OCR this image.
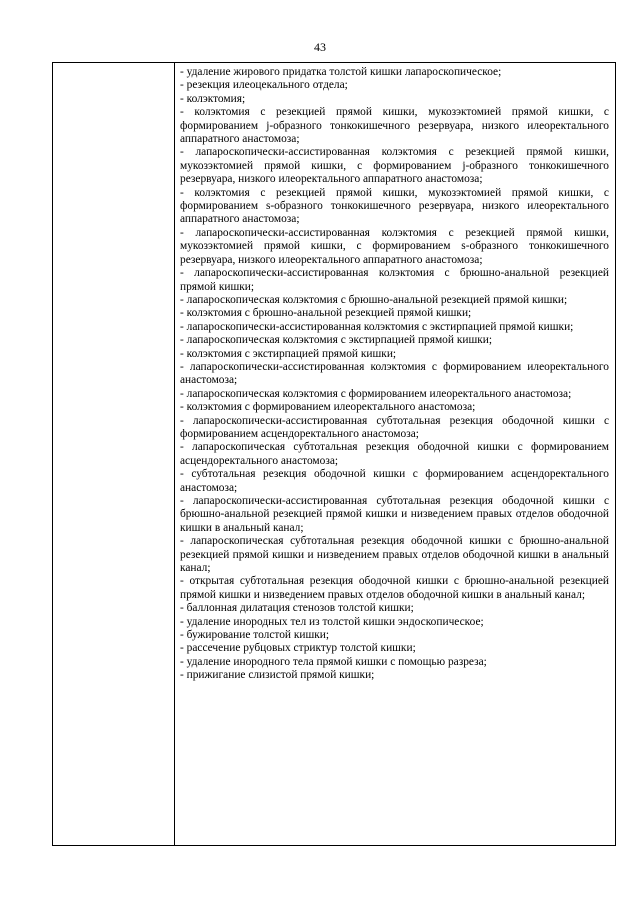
43

- удаление жирового придатка толстой кишки лапароскопическое;

- резекция илеоцекального отдела;

- колэктомия;

- колэктомия с резекцией прямой кишки, мукозэктомией прямой кишки, с формированием j-образного тонкокишечного резервуара, низкого илеоректального аппаратного анастомоза;

- лапароскопически-ассистированная колэктомия с резекцией прямой кишки, мукозэктомией прямой кишки, с формированием j-образного тонкокишечного резервуара, низкого илеоректального аппаратного анастомоза;

- колэктомия с резекцией прямой кишки, мукозэктомией прямой кишки, с формированием s-образного тонкокишечного резервуара, низкого илеоректального аппаратного анастомоза;

- лапароскопически-ассистированная колэктомия с резекцией прямой кишки, мукозэктомией прямой кишки, с формированием s-образного тонкокишечного резервуара, низкого илеоректального аппаратного анастомоза;

- лапароскопически-ассистированная колэктомия с брюшно-анальной резекцией прямой кишки;

- лапароскопическая колэктомия с брюшно-анальной резекцией прямой кишки;

- колэктомия с брюшно-анальной резекцией прямой кишки;

- лапароскопически-ассистированная колэктомия с экстирпацией прямой кишки;

- лапароскопическая колэктомия с экстирпацией прямой кишки;

- колэктомия с экстирпацией прямой кишки;

- лапароскопически-ассистированная колэктомия с формированием илеоректального анастомоза;

- лапароскопическая колэктомия с формированием илеоректального анастомоза;

- колэктомия с формированием илеоректального анастомоза;

- лапароскопически-ассистированная субтотальная резекция ободочной кишки с формированием асцендоректального анастомоза;

- лапароскопическая субтотальная резекция ободочной кишки с формированием асцендоректального анастомоза;

- субтотальная резекция ободочной кишки с формированием асцендоректального анастомоза;

- лапароскопически-ассистированная субтотальная резекция ободочной кишки с брюшно-анальной резекцией прямой кишки и низведением правых отделов ободочной кишки в анальный канал;

- лапароскопическая субтотальная резекция ободочной кишки с брюшно-анальной резекцией прямой кишки и низведением правых отделов ободочной кишки в анальный канал;

- открытая субтотальная резекция ободочной кишки с брюшно-анальной резекцией прямой кишки и низведением правых отделов ободочной кишки в анальный канал;

- баллонная дилатация стенозов толстой кишки;

- удаление инородных тел из толстой кишки эндоскопическое;

- бужирование толстой кишки;

- рассечение рубцовых стриктур толстой кишки;

- удаление инородного тела прямой кишки с помощью разреза;

- прижигание слизистой прямой кишки;
